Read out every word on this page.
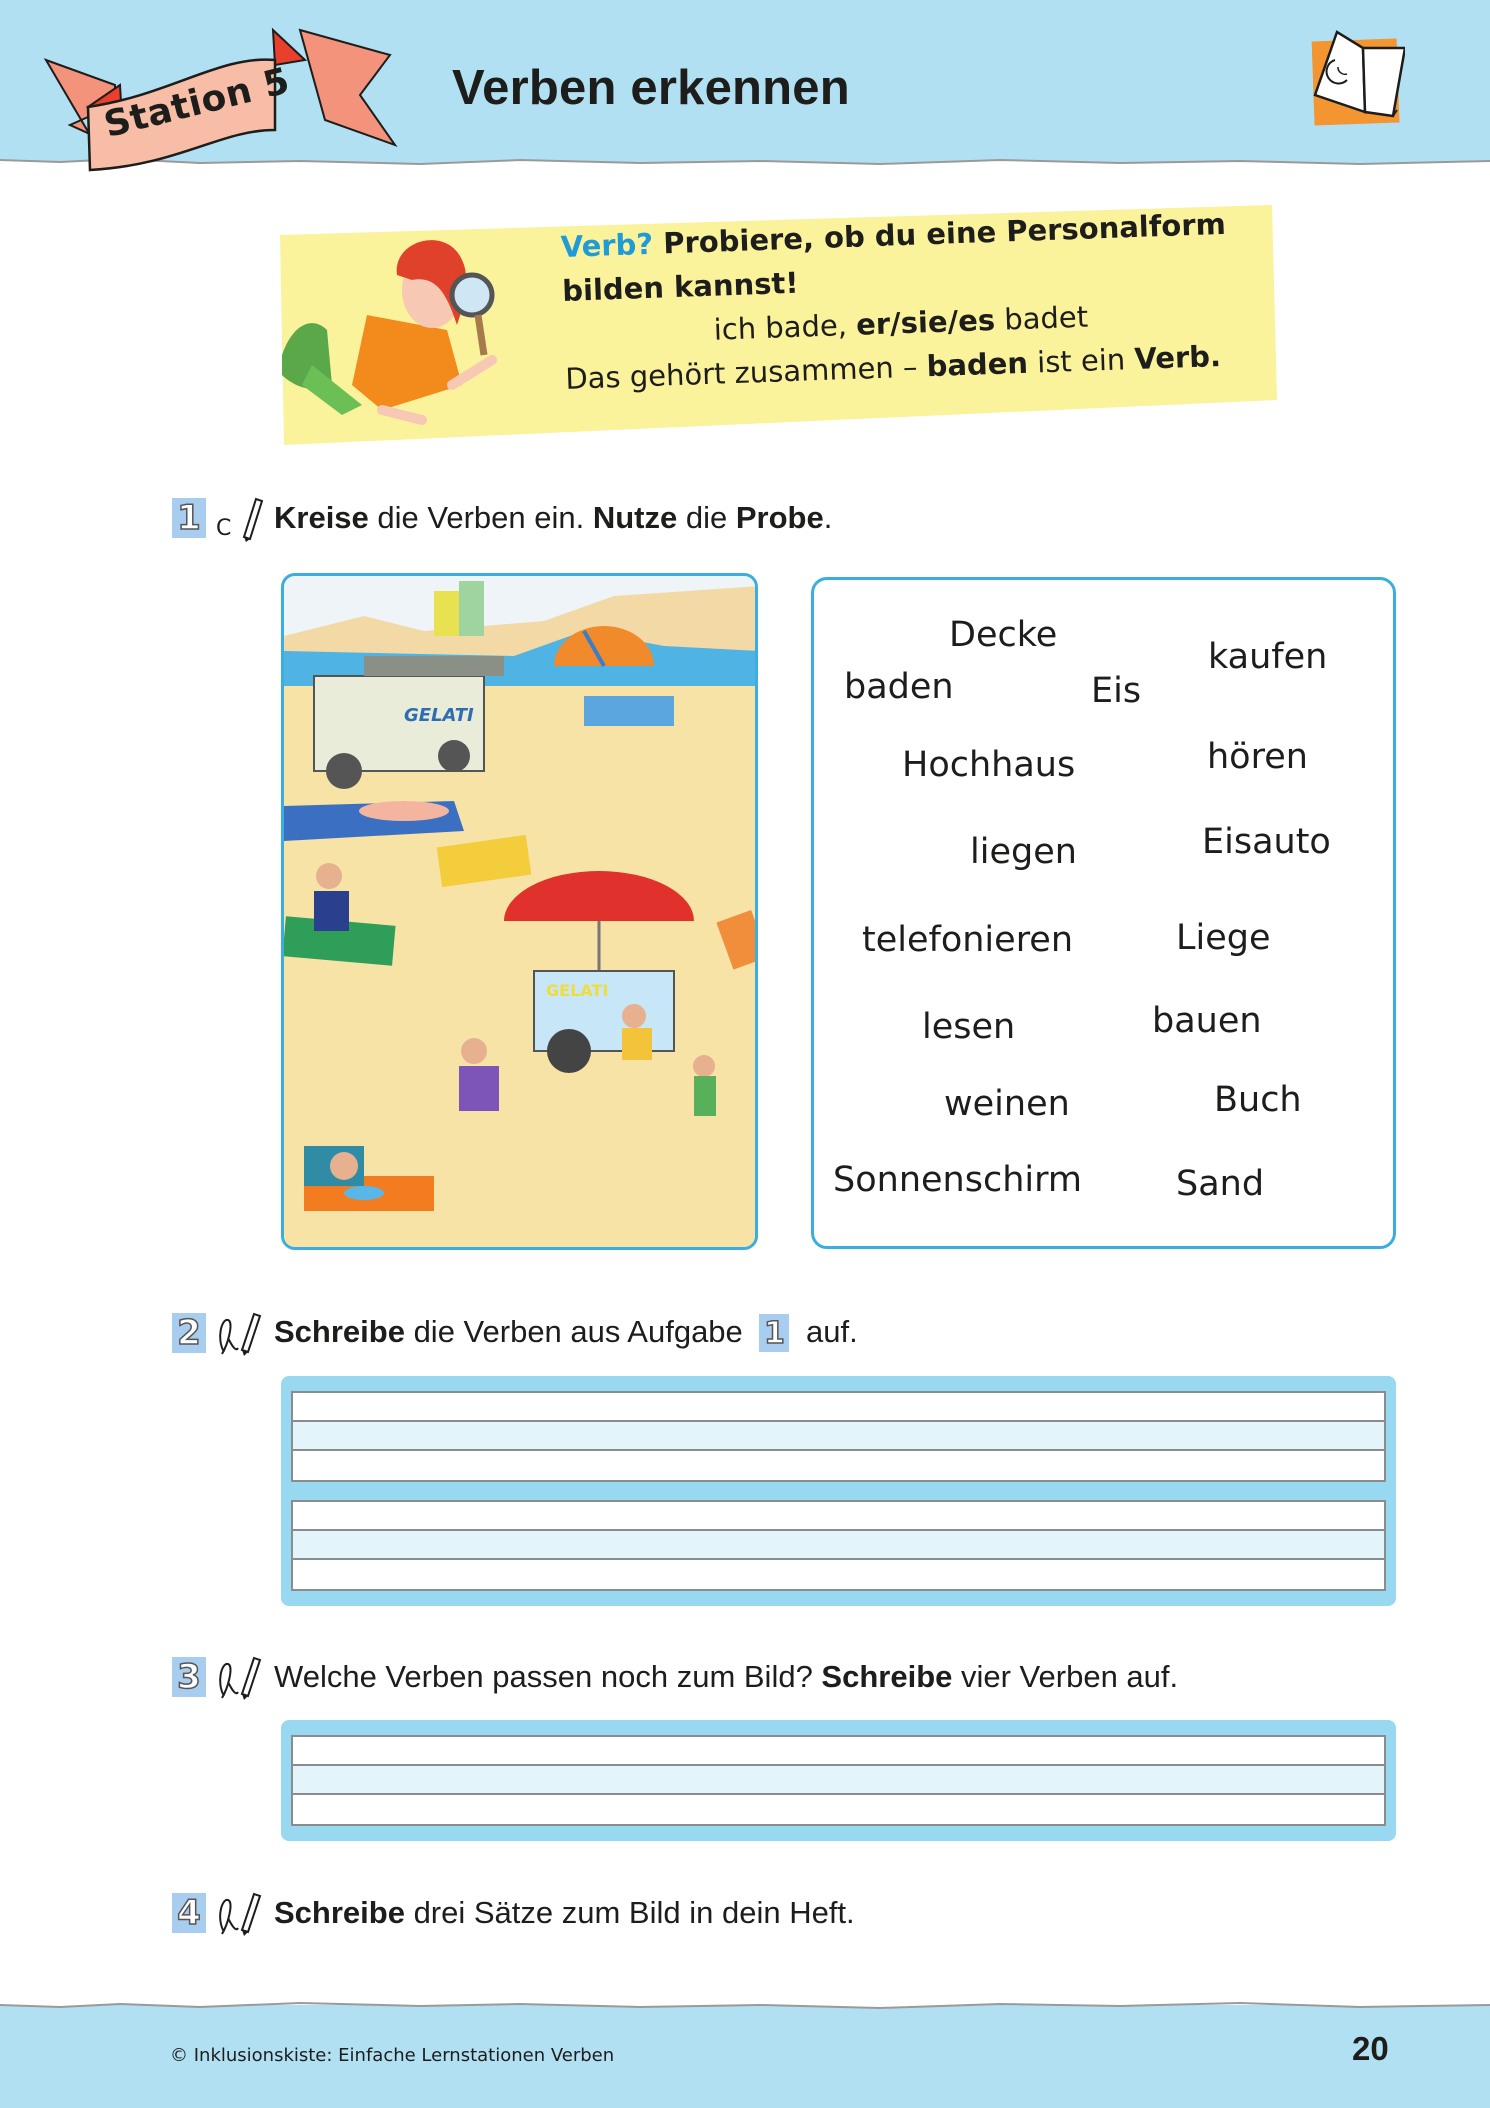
Station 5	Verben erkennen
Verb? Probiere, ob du eine Personalform
bilden kannst!
ich bade, er/sie/es badet
Das gehört zusammen – baden ist ein Verb.
1 C Kreise die Verben ein. Nutze die Probe.
GELATI
GELATI
Decke
kaufen
baden	Eis
Hochhaus	hören
liegen	Eisauto
telefonieren	Liege
lesen	bauen
weinen	Buch
Sonnenschirm	Sand
2 Schreibe die Verben aus Aufgabe 1 auf.
3 Welche Verben passen noch zum Bild? Schreibe vier Verben auf.
4 Schreibe drei Sätze zum Bild in dein Heft.
© Inklusionskiste: Einfache Lernstationen Verben	20
